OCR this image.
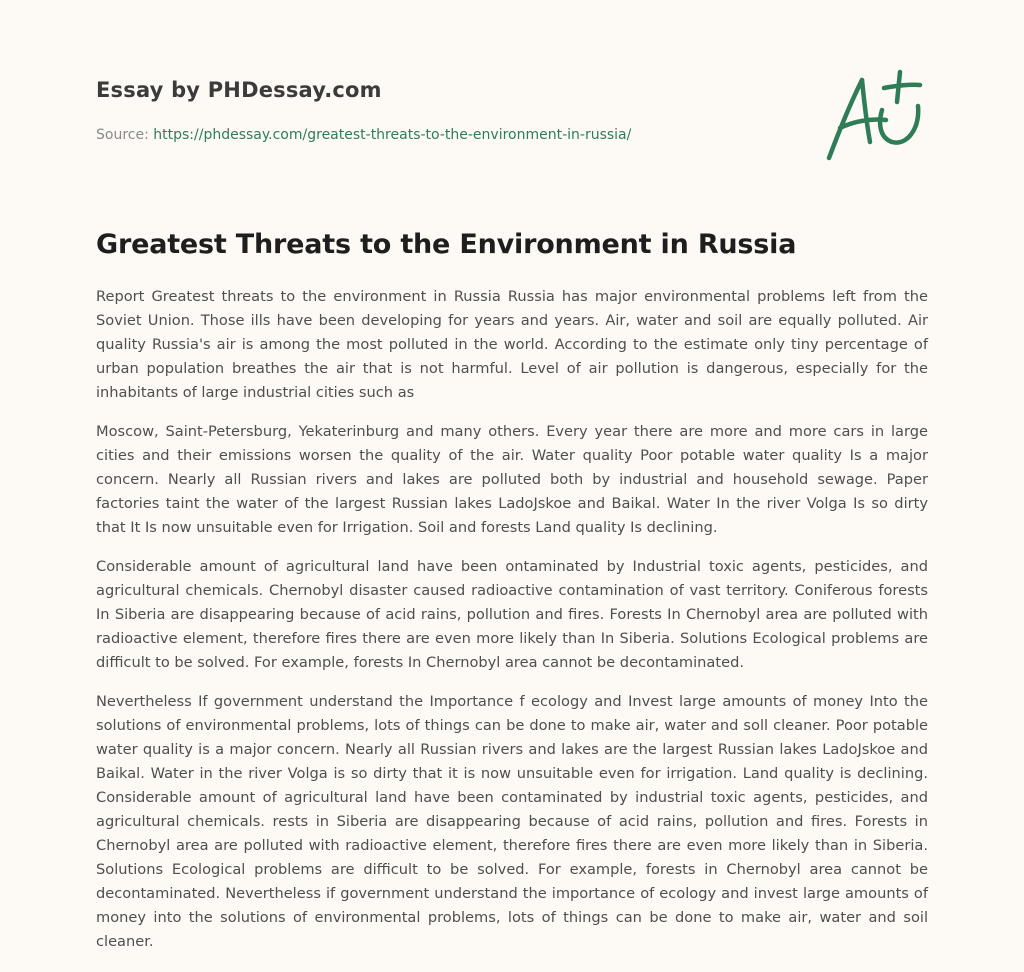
Essay by PHDessay.com
Source: https://phdessay.com/greatest-threats-to-the-environment-in-russia/
Greatest Threats to the Environment in Russia

Report Greatest threats to the environment in Russia Russia has major environmental problems left from the Soviet Union. Those ills have been developing for years and years. Air, water and soil are equally polluted. Air quality Russia's air is among the most polluted in the world. According to the estimate only tiny percentage of urban population breathes the air that is not harmful. Level of air pollution is dangerous, especially for the inhabitants of large industrial cities such as

Moscow, Saint-Petersburg, Yekaterinburg and many others. Every year there are more and more cars in large cities and their emissions worsen the quality of the air. Water quality Poor potable water quality Is a major concern. Nearly all Russian rivers and lakes are polluted both by industrial and household sewage. Paper factories taint the water of the largest Russian lakes LadoJskoe and Baikal. Water In the river Volga Is so dirty that It Is now unsuitable even for Irrigation. Soil and forests Land quality Is declining.

Considerable amount of agricultural land have been ontaminated by Industrial toxic agents, pesticides, and agricultural chemicals. Chernobyl disaster caused radioactive contamination of vast territory. Coniferous forests In Siberia are disappearing because of acid rains, pollution and fires. Forests In Chernobyl area are polluted with radioactive element, therefore fires there are even more likely than In Siberia. Solutions Ecological problems are difficult to be solved. For example, forests In Chernobyl area cannot be decontaminated.

Nevertheless If government understand the Importance f ecology and Invest large amounts of money Into the solutions of environmental problems, lots of things can be done to make air, water and soll cleaner. Poor potable water quality is a major concern. Nearly all Russian rivers and lakes are the largest Russian lakes LadoJskoe and Baikal. Water in the river Volga is so dirty that it is now unsuitable even for irrigation. Land quality is declining. Considerable amount of agricultural land have been contaminated by industrial toxic agents, pesticides, and agricultural chemicals. rests in Siberia are disappearing because of acid rains, pollution and fires. Forests in Chernobyl area are polluted with radioactive element, therefore fires there are even more likely than in Siberia. Solutions Ecological problems are difficult to be solved. For example, forests in Chernobyl area cannot be decontaminated. Nevertheless if government understand the importance of ecology and invest large amounts of money into the solutions of environmental problems, lots of things can be done to make air, water and soil cleaner.
